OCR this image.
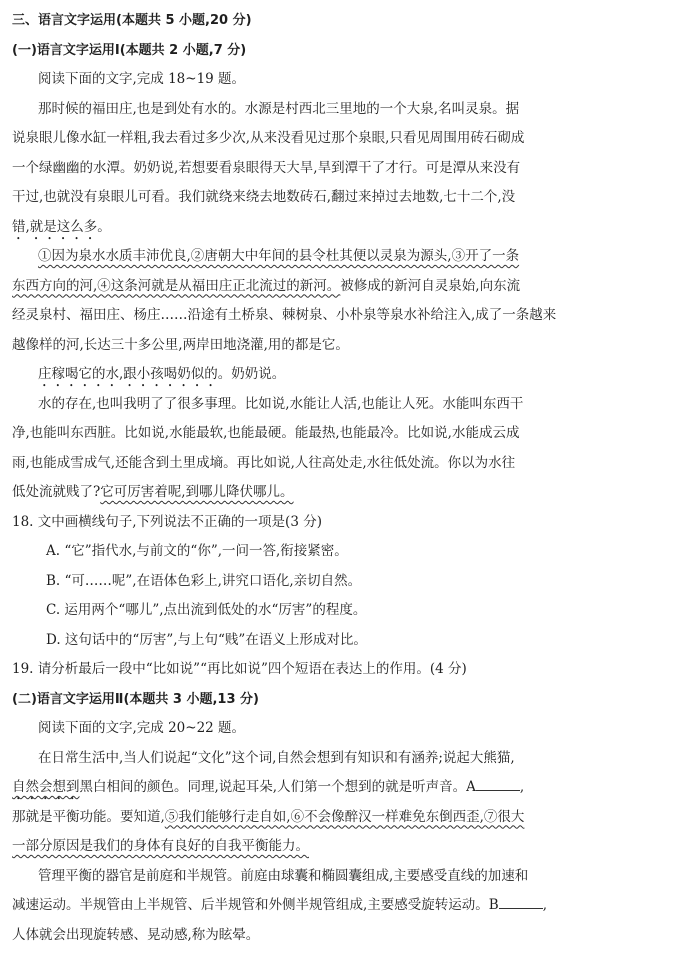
三、语言文字运用(本题共 5 小题,20 分)
(一)语言文字运用Ⅰ(本题共 2 小题,7 分)
阅读下面的文字,完成 18~19 题。
那时候的福田庄,也是到处有水的。水源是村西北三里地的一个大泉,名叫灵泉。据
说泉眼儿像水缸一样粗,我去看过多少次,从来没看见过那个泉眼,只看见周围用砖石砌成
一个绿幽幽的水潭。奶奶说,若想要看泉眼得天大旱,旱到潭干了才行。可是潭从来没有
干过,也就没有泉眼儿可看。我们就绕来绕去地数砖石,翻过来掉过去地数,七十二个,没
错,就是这么多。
①因为泉水水质丰沛优良,②唐朝大中年间的县令杜其便以灵泉为源头,③开了一条
东西方向的河,④这条河就是从福田庄正北流过的新河。被修成的新河自灵泉始,向东流
经灵泉村、福田庄、杨庄……沿途有土桥泉、棘树泉、小朴泉等泉水补给注入,成了一条越来
越像样的河,长达三十多公里,两岸田地浇灌,用的都是它。
庄稼喝它的水,跟小孩喝奶似的。奶奶说。
水的存在,也叫我明了了很多事理。比如说,水能让人活,也能让人死。水能叫东西干
净,也能叫东西脏。比如说,水能最软,也能最硬。能最热,也能最冷。比如说,水能成云成
雨,也能成雪成气,还能含到土里成墒。再比如说,人往高处走,水往低处流。你以为水往
低处流就贱了?它可厉害着呢,到哪儿降伏哪儿。
18. 文中画横线句子,下列说法不正确的一项是(3 分)
A. “它”指代水,与前文的“你”,一问一答,衔接紧密。
B. “可……呢”,在语体色彩上,讲究口语化,亲切自然。
C. 运用两个“哪儿”,点出流到低处的水“厉害”的程度。
D. 这句话中的“厉害”,与上句“贱”在语义上形成对比。
19. 请分析最后一段中“比如说”“再比如说”四个短语在表达上的作用。(4 分)
(二)语言文字运用Ⅱ(本题共 3 小题,13 分)
阅读下面的文字,完成 20~22 题。
在日常生活中,当人们说起“文化”这个词,自然会想到有知识和有涵养;说起大熊猫,
自然会想到黑白相间的颜色。同理,说起耳朵,人们第一个想到的就是听声音。A	,
那就是平衡功能。要知道,⑤我们能够行走自如,⑥不会像醉汉一样难免东倒西歪,⑦很大
一部分原因是我们的身体有良好的自我平衡能力。
管理平衡的器官是前庭和半规管。前庭由球囊和椭圆囊组成,主要感受直线的加速和
减速运动。半规管由上半规管、后半规管和外侧半规管组成,主要感受旋转运动。B	,
人体就会出现旋转感、晃动感,称为眩晕。
